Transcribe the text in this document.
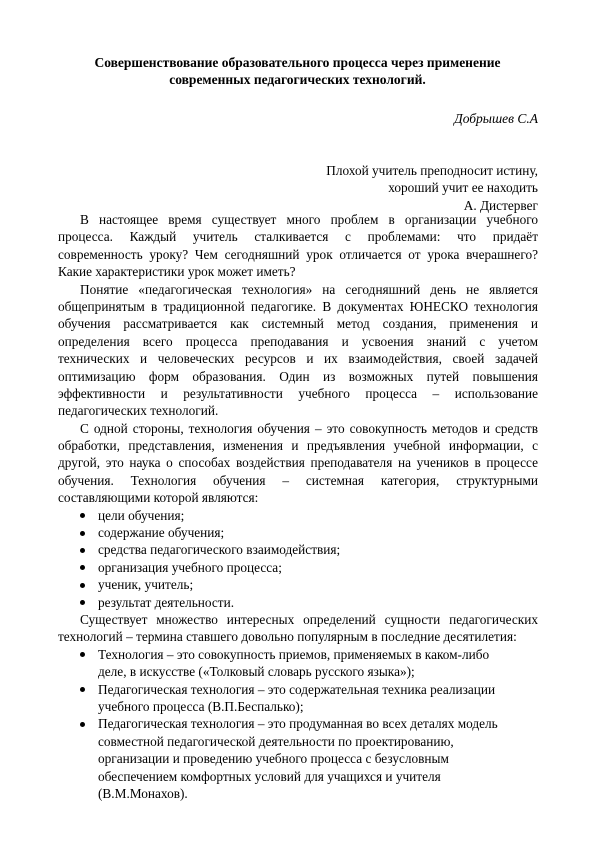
Совершенствование образовательного процесса через применение
современных педагогических технологий.
Добрышев С.А
Плохой учитель преподносит истину,
хороший учит ее находить
А. Дистервег
В настоящее время существует много проблем в организации учебного
процесса. Каждый учитель сталкивается с проблемами: что придаёт
современность уроку? Чем сегодняшний урок отличается от урока вчерашнего?
Какие характеристики урок может иметь?
Понятие «педагогическая технология» на сегодняшний день не является
общепринятым в традиционной педагогике. В документах ЮНЕСКО технология
обучения рассматривается как системный метод создания, применения и
определения всего процесса преподавания и усвоения знаний с учетом
технических и человеческих ресурсов и их взаимодействия, своей задачей
оптимизацию форм образования. Один из возможных путей повышения
эффективности и результативности учебного процесса – использование
педагогических технологий.
С одной стороны, технология обучения – это совокупность методов и средств
обработки, представления, изменения и предъявления учебной информации, с
другой, это наука о способах воздействия преподавателя на учеников в процессе
обучения. Технология обучения – системная категория, структурными
составляющими которой являются:
цели обучения;
содержание обучения;
средства педагогического взаимодействия;
организация учебного процесса;
ученик, учитель;
результат деятельности.
Существует множество интересных определений сущности педагогических
технологий – термина ставшего довольно популярным в последние десятилетия:
Технология – это совокупность приемов, применяемых в каком-либо
деле, в искусстве («Толковый словарь русского языка»);
Педагогическая технология – это содержательная техника реализации
учебного процесса (В.П.Беспалько);
Педагогическая технология – это продуманная во всех деталях модель
совместной педагогической деятельности по проектированию,
организации и проведению учебного процесса с безусловным
обеспечением комфортных условий для учащихся и учителя
(В.М.Монахов).
